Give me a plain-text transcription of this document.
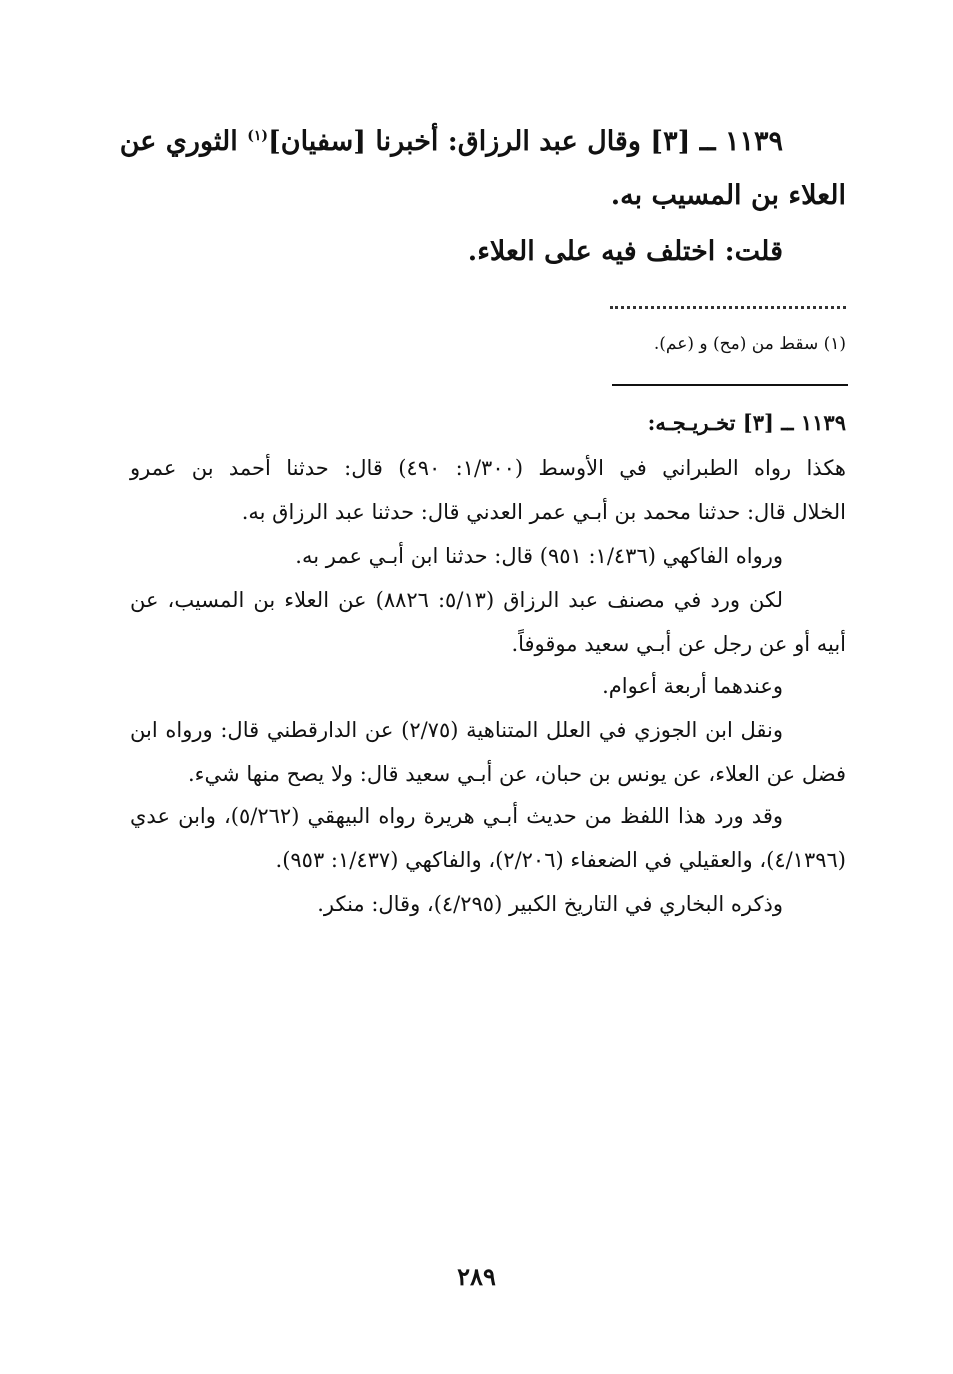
١١٣٩ ــ [٣] وقال عبد الرزاق: أخبرنا [سفيان]$^{(١)}$ الثوري عن
العلاء بن المسيب به.
قلت: اختلف فيه على العلاء.
(١) سقط من (مح) و (عم).
١١٣٩ ــ [٣] تخـريـجـه:
هكذا رواه الطبراني في الأوسط (١/٣٠٠: ٤٩٠) قال: حدثنا أحمد بن عمرو
الخلال قال: حدثنا محمد بن أبـي عمر العدني قال: حدثنا عبد الرزاق به.
ورواه الفاكهي (١/٤٣٦: ٩٥١) قال: حدثنا ابن أبـي عمر به.
لكن ورد في مصنف عبد الرزاق (٥/١٣: ٨٨٢٦) عن العلاء بن المسيب، عن
أبيه أو عن رجل عن أبـي سعيد موقوفاً.
وعندهما أربعة أعوام.
ونقل ابن الجوزي في العلل المتناهية (٢/٧٥) عن الدارقطني قال: ورواه ابن
فضل عن العلاء، عن يونس بن حبان، عن أبـي سعيد قال: ولا يصح منها شيء.
وقد ورد هذا اللفظ من حديث أبـي هريرة رواه البيهقي (٥/٢٦٢)، وابن عدي
(٤/١٣٩٦)، والعقيلي في الضعفاء (٢/٢٠٦)، والفاكهي (١/٤٣٧: ٩٥٣).
وذكره البخاري في التاريخ الكبير (٤/٢٩٥)، وقال: منكر.
٢٨٩
